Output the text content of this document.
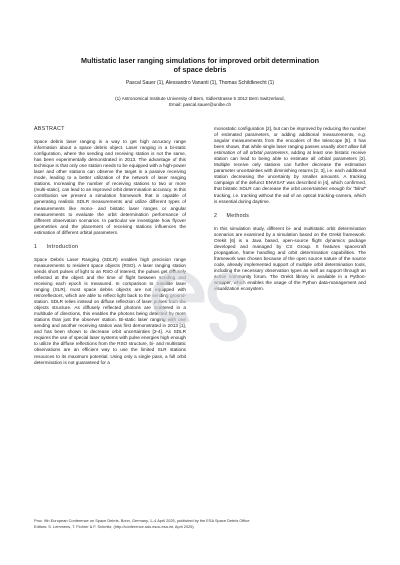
Multistatic laser ranging simulations for improved orbit determination
of space debris
Pascal Sauer (1), Alessandro Vananti (1), Thomas Schildknecht (1)
(1) Astronomical Institute University of Bern, Sidlerstrasse 5 3012 Bern Switzerland,
Email: pascal.sauer@unibe.ch
ABSTRACT

Space debris laser ranging is a way to get high accuracy range information about a space debris object. Laser ranging in a bi-static configuration, where the sending and receiving station is not the same, has been experimentally demonstrated in 2013. The advantage of this technique is that only one station needs to be equipped with a high-power laser and other stations can observe the target in a passive receiving mode, leading to a better utilization of the network of laser ranging stations. Increasing the number of receiving stations to two or more (multi-static), can lead to an improved orbit determination accuracy. In this contribution we present a simulation framework that is capable of generating realistic SDLR measurements and utilize different types of measurements like mono- and bistatic laser ranges or angular measurements to evaluate the orbit determination performance of different observation scenarios. In particular we investigate how flyover geometries and the placement of receiving stations influences the estimation of different orbital parameters.

1     Introduction

Space Debris Laser Ranging (SDLR) enables high precision range measurements to resident space objects (RSO). A laser ranging station sends short pulses of light to an RSO of interest, the pulses get diffusely reflected at the object and the time of flight between sending and receiving each epoch is measured. In comparison to Satellite laser ranging (SLR), most space debris objects are not equipped with retroreflectors, which are able to reflect light back to the sending ground-station. SDLR relies instead on diffuse reflection of laser pulses from the objects structure. As diffusely reflected photons are scattered in a multitude of directions, this enables the photons being detected by more stations than just the observer station. Bi-static laser ranging with one sending and another receiving station was first demonstrated in 2013 [1], and has been shown to decrease orbit uncertainties [2-4]. As SDLR requires the use of special laser systems with pulse energies high enough to utilize the diffuse reflections from the RSO structure, bi- and multistatic observations are an efficient way to use the limited SLR stations resources to its maximum potential. Using only a single pass, a full orbit determination is not guaranteed for a

monostatic configuration [2], but can be improved by reducing the number of estimated parameters, or adding additional measurements, e.g. angular measurements from the encoders of the telescope [5]. It has been shown, that while single laser ranging passes usually don't allow full estimation of all orbital parameters, adding at least one bistatic receive station can lead to being able to estimate all orbital parameters [2]. Multiple receive only stations can further decrease the estimation parameter uncertainties with diminishing returns [2, 3], i.e. each additional station decreasing the uncertainty by smaller amounts. A tracking campaign of the defunct ENVISAT was described in [4], which confirmed, that bistatic SDLR can decrease the orbit uncertainties enough for “blind” tracking, i.e. tracking without the aid of an optical tracking-camera, which is essential during daytime.

2     Methods

In this simulation study, different bi- and multistatic orbit determination scenarios are examined by a simulation based on the Orekit framework. Orekit [6] is a Java based, open-source flight dynamics package developed and managed by CS Group. It features spacecraft propagation, frame handling and orbit determination capabilities. The framework was chosen because of the open source nature of the source code, already implemented support of multiple orbit determination tools, including the necessary observation types as well as support through an active community forum. The Orekit library is available in a Python-wrapper, which enables the usage of the Python data-management and visualization ecosystem.

Proc. 9th European Conference on Space Debris, Bonn, Germany, 1–4 April 2025, published by the ESA Space Debris Office
Editors: S. Lemmens, T. Flohrer & F. Schmitz, (http://conference.sdo.esoc.esa.int, April 2025)
